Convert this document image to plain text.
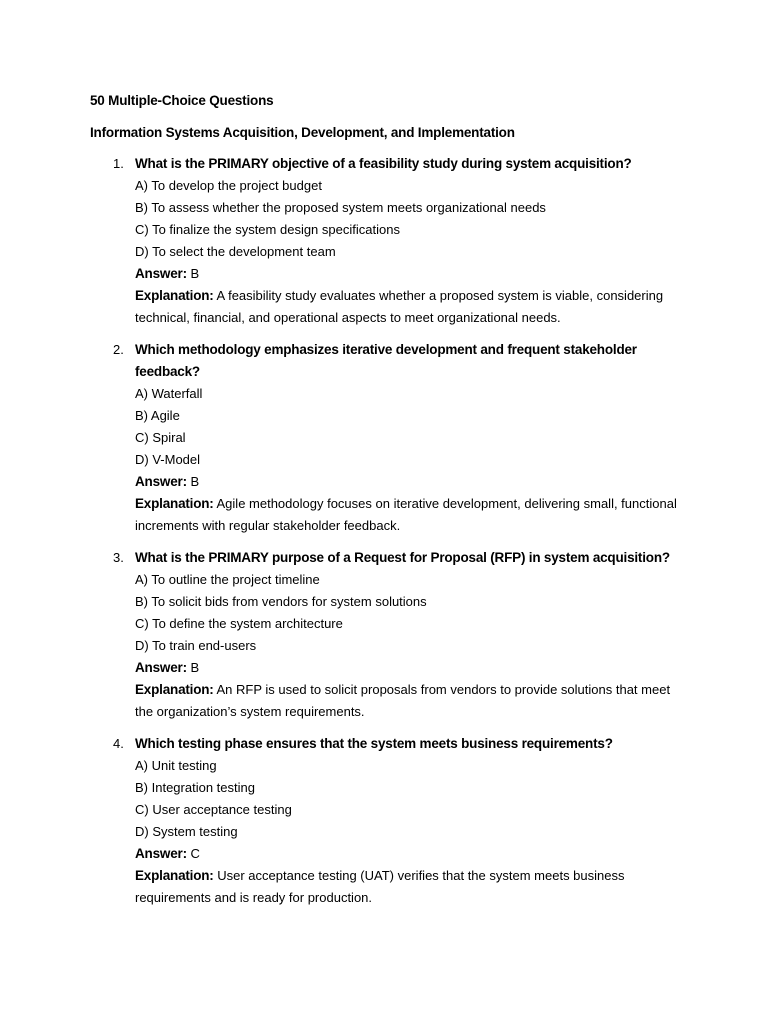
50 Multiple-Choice Questions
Information Systems Acquisition, Development, and Implementation
1. What is the PRIMARY objective of a feasibility study during system acquisition?
A) To develop the project budget
B) To assess whether the proposed system meets organizational needs
C) To finalize the system design specifications
D) To select the development team
Answer: B
Explanation: A feasibility study evaluates whether a proposed system is viable, considering technical, financial, and operational aspects to meet organizational needs.
2. Which methodology emphasizes iterative development and frequent stakeholder feedback?
A) Waterfall
B) Agile
C) Spiral
D) V-Model
Answer: B
Explanation: Agile methodology focuses on iterative development, delivering small, functional increments with regular stakeholder feedback.
3. What is the PRIMARY purpose of a Request for Proposal (RFP) in system acquisition?
A) To outline the project timeline
B) To solicit bids from vendors for system solutions
C) To define the system architecture
D) To train end-users
Answer: B
Explanation: An RFP is used to solicit proposals from vendors to provide solutions that meet the organization’s system requirements.
4. Which testing phase ensures that the system meets business requirements?
A) Unit testing
B) Integration testing
C) User acceptance testing
D) System testing
Answer: C
Explanation: User acceptance testing (UAT) verifies that the system meets business requirements and is ready for production.
